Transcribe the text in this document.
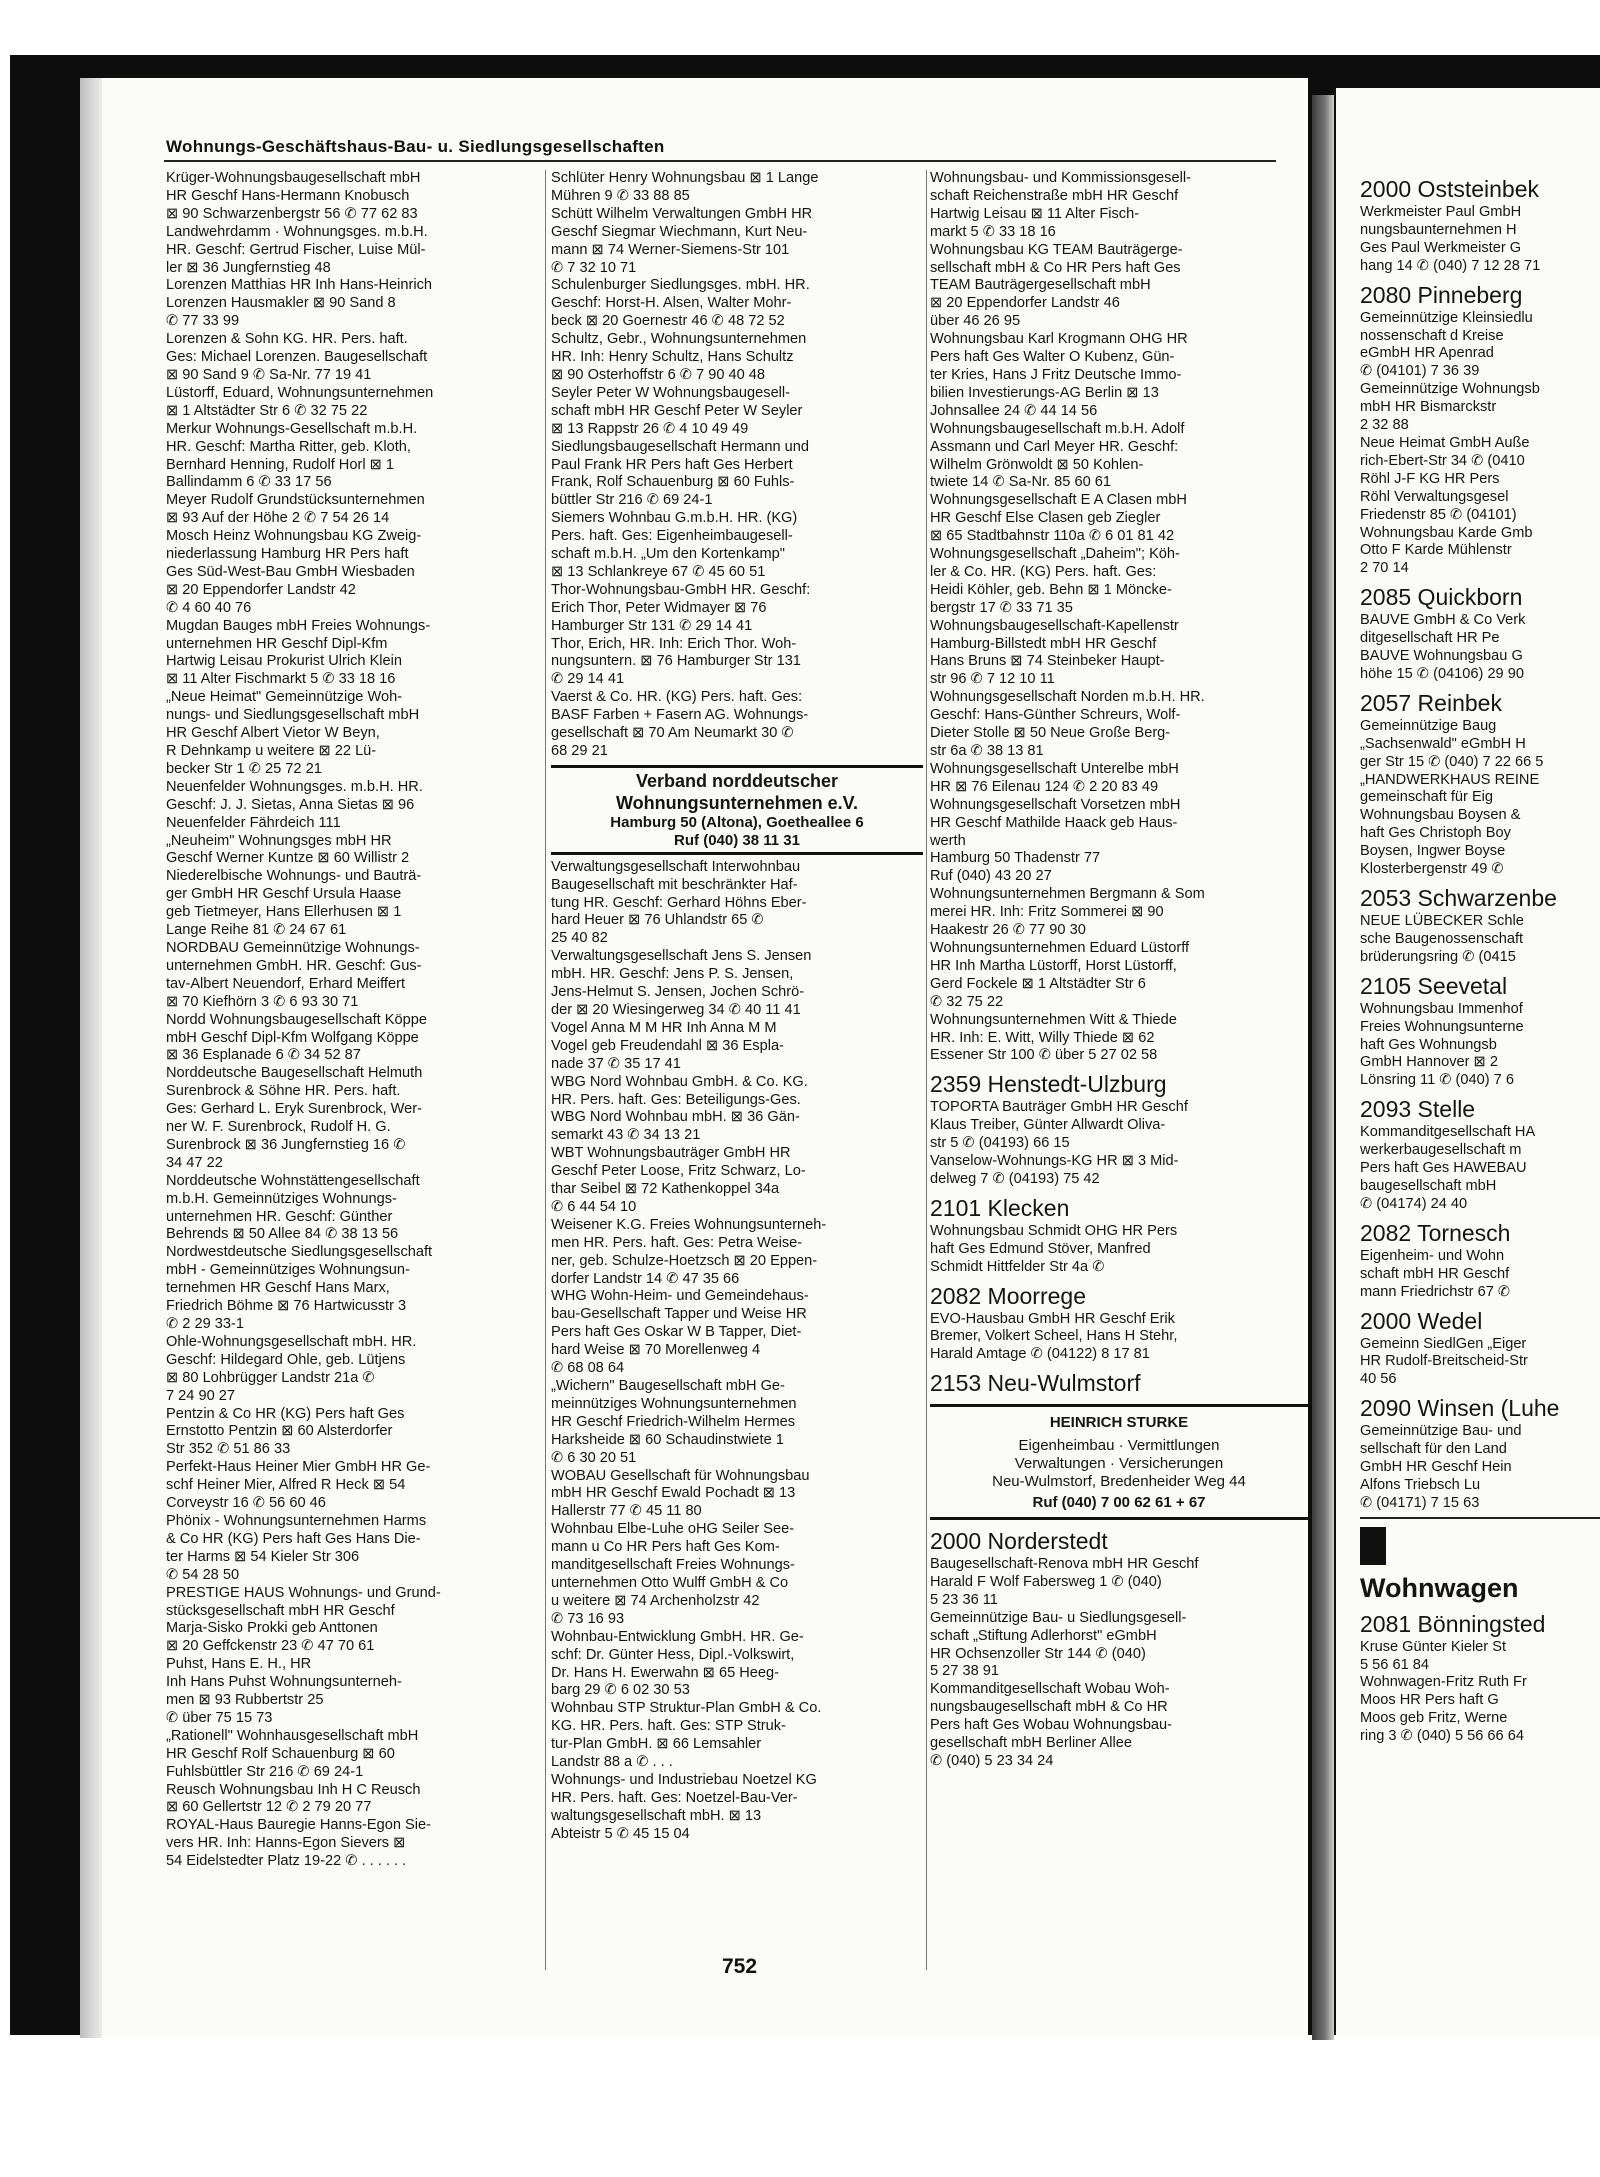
Wohnungs-Geschäftshaus-Bau- u. Siedlungsgesellschaften
Krüger-Wohnungsbaugesellschaft mbH
HR Geschf Hans-Hermann Knobusch
⊠ 90 Schwarzenbergstr 56 ✆ 77 62 83
Landwehrdamm · Wohnungsges. m.b.H.
HR. Geschf: Gertrud Fischer, Luise Mül-
ler ⊠ 36 Jungfernstieg 48
Lorenzen Matthias HR Inh Hans-Heinrich
Lorenzen Hausmakler ⊠ 90 Sand 8
✆ 77 33 99
Lorenzen & Sohn KG. HR. Pers. haft.
Ges: Michael Lorenzen. Baugesellschaft
⊠ 90 Sand 9 ✆ Sa-Nr. 77 19 41
Lüstorff, Eduard, Wohnungsunternehmen
⊠ 1 Altstädter Str 6 ✆ 32 75 22
Merkur Wohnungs-Gesellschaft m.b.H.
HR. Geschf: Martha Ritter, geb. Kloth,
Bernhard Henning, Rudolf Horl ⊠ 1
Ballindamm 6 ✆ 33 17 56
Meyer Rudolf Grundstücksunternehmen
⊠ 93 Auf der Höhe 2 ✆ 7 54 26 14
Mosch Heinz Wohnungsbau KG Zweig-
niederlassung Hamburg HR Pers haft
Ges Süd-West-Bau GmbH Wiesbaden
⊠ 20 Eppendorfer Landstr 42
✆ 4 60 40 76
Mugdan Bauges mbH Freies Wohnungs-
unternehmen HR Geschf Dipl-Kfm
Hartwig Leisau Prokurist Ulrich Klein
⊠ 11 Alter Fischmarkt 5 ✆ 33 18 16
„Neue Heimat" Gemeinnützige Woh-
nungs- und Siedlungsgesellschaft mbH
HR Geschf Albert Vietor W Beyn,
R Dehnkamp u weitere ⊠ 22 Lü-
becker Str 1 ✆ 25 72 21
Neuenfelder Wohnungsges. m.b.H. HR.
Geschf: J. J. Sietas, Anna Sietas ⊠ 96
Neuenfelder Fährdeich 111
„Neuheim" Wohnungsges mbH HR
Geschf Werner Kuntze ⊠ 60 Willistr 2
Niederelbische Wohnungs- und Bauträ-
ger GmbH HR Geschf Ursula Haase
geb Tietmeyer, Hans Ellerhusen ⊠ 1
Lange Reihe 81 ✆ 24 67 61
NORDBAU Gemeinnützige Wohnungs-
unternehmen GmbH. HR. Geschf: Gus-
tav-Albert Neuendorf, Erhard Meiffert
⊠ 70 Kiefhörn 3 ✆ 6 93 30 71
Nordd Wohnungsbaugesellschaft Köppe
mbH Geschf Dipl-Kfm Wolfgang Köppe
⊠ 36 Esplanade 6 ✆ 34 52 87
Norddeutsche Baugesellschaft Helmuth
Surenbrock & Söhne HR. Pers. haft.
Ges: Gerhard L. Eryk Surenbrock, Wer-
ner W. F. Surenbrock, Rudolf H. G.
Surenbrock ⊠ 36 Jungfernstieg 16 ✆
34 47 22
Norddeutsche Wohnstättengesellschaft
m.b.H. Gemeinnütziges Wohnungs-
unternehmen HR. Geschf: Günther
Behrends ⊠ 50 Allee 84 ✆ 38 13 56
Nordwestdeutsche Siedlungsgesellschaft
mbH - Gemeinnütziges Wohnungsun-
ternehmen HR Geschf Hans Marx,
Friedrich Böhme ⊠ 76 Hartwicusstr 3
✆ 2 29 33-1
Ohle-Wohnungsgesellschaft mbH. HR.
Geschf: Hildegard Ohle, geb. Lütjens
⊠ 80 Lohbrügger Landstr 21a ✆
7 24 90 27
Pentzin & Co HR (KG) Pers haft Ges
Ernstotto Pentzin ⊠ 60 Alsterdorfer
Str 352 ✆ 51 86 33
Perfekt-Haus Heiner Mier GmbH HR Ge-
schf Heiner Mier, Alfred R Heck ⊠ 54
Corveystr 16 ✆ 56 60 46
Phönix - Wohnungsunternehmen Harms
& Co HR (KG) Pers haft Ges Hans Die-
ter Harms ⊠ 54 Kieler Str 306
✆ 54 28 50
PRESTIGE HAUS Wohnungs- und Grund-
stücksgesellschaft mbH HR Geschf
Marja-Sisko Prokki geb Anttonen
⊠ 20 Geffckenstr 23 ✆ 47 70 61
Puhst, Hans E. H., HR
Inh Hans Puhst Wohnungsunterneh-
men ⊠ 93 Rubbertstr 25
✆ über 75 15 73
„Rationell" Wohnhausgesellschaft mbH
HR Geschf Rolf Schauenburg ⊠ 60
Fuhlsbüttler Str 216 ✆ 69 24-1
Reusch Wohnungsbau Inh H C Reusch
⊠ 60 Gellertstr 12 ✆ 2 79 20 77
ROYAL-Haus Bauregie Hanns-Egon Sie-
vers HR. Inh: Hanns-Egon Sievers ⊠
54 Eidelstedter Platz 19-22 ✆ . . . . . .
Schlüter Henry Wohnungsbau ⊠ 1 Lange
Mühren 9 ✆ 33 88 85
Schütt Wilhelm Verwaltungen GmbH HR
Geschf Siegmar Wiechmann, Kurt Neu-
mann ⊠ 74 Werner-Siemens-Str 101
✆ 7 32 10 71
Schulenburger Siedlungsges. mbH. HR.
Geschf: Horst-H. Alsen, Walter Mohr-
beck ⊠ 20 Goernestr 46 ✆ 48 72 52
Schultz, Gebr., Wohnungsunternehmen
HR. Inh: Henry Schultz, Hans Schultz
⊠ 90 Osterhoffstr 6 ✆ 7 90 40 48
Seyler Peter W Wohnungsbaugesell-
schaft mbH HR Geschf Peter W Seyler
⊠ 13 Rappstr 26 ✆ 4 10 49 49
Siedlungsbaugesellschaft Hermann und
Paul Frank HR Pers haft Ges Herbert
Frank, Rolf Schauenburg ⊠ 60 Fuhls-
büttler Str 216 ✆ 69 24-1
Siemers Wohnbau G.m.b.H. HR. (KG)
Pers. haft. Ges: Eigenheimbaugesell-
schaft m.b.H. „Um den Kortenkamp"
⊠ 13 Schlankreye 67 ✆ 45 60 51
Thor-Wohnungsbau-GmbH HR. Geschf:
Erich Thor, Peter Widmayer ⊠ 76
Hamburger Str 131 ✆ 29 14 41
Thor, Erich, HR. Inh: Erich Thor. Woh-
nungsuntern. ⊠ 76 Hamburger Str 131
✆ 29 14 41
Vaerst & Co. HR. (KG) Pers. haft. Ges:
BASF Farben + Fasern AG. Wohnungs-
gesellschaft ⊠ 70 Am Neumarkt 30 ✆
68 29 21
Verband norddeutscher
Wohnungsunternehmen e.V.
Hamburg 50 (Altona), Goetheallee 6
Ruf (040) 38 11 31
Verwaltungsgesellschaft Interwohnbau
Baugesellschaft mit beschränkter Haf-
tung HR. Geschf: Gerhard Höhns Eber-
hard Heuer ⊠ 76 Uhlandstr 65 ✆
25 40 82
Verwaltungsgesellschaft Jens S. Jensen
mbH. HR. Geschf: Jens P. S. Jensen,
Jens-Helmut S. Jensen, Jochen Schrö-
der ⊠ 20 Wiesingerweg 34 ✆ 40 11 41
Vogel Anna M M HR Inh Anna M M
Vogel geb Freudendahl ⊠ 36 Espla-
nade 37 ✆ 35 17 41
WBG Nord Wohnbau GmbH. & Co. KG.
HR. Pers. haft. Ges: Beteiligungs-Ges.
WBG Nord Wohnbau mbH. ⊠ 36 Gän-
semarkt 43 ✆ 34 13 21
WBT Wohnungsbauträger GmbH HR
Geschf Peter Loose, Fritz Schwarz, Lo-
thar Seibel ⊠ 72 Kathenkoppel 34a
✆ 6 44 54 10
Weisener K.G. Freies Wohnungsunterneh-
men HR. Pers. haft. Ges: Petra Weise-
ner, geb. Schulze-Hoetzsch ⊠ 20 Eppen-
dorfer Landstr 14 ✆ 47 35 66
WHG Wohn-Heim- und Gemeindehaus-
bau-Gesellschaft Tapper und Weise HR
Pers haft Ges Oskar W B Tapper, Diet-
hard Weise ⊠ 70 Morellenweg 4
✆ 68 08 64
„Wichern" Baugesellschaft mbH Ge-
meinnütziges Wohnungsunternehmen
HR Geschf Friedrich-Wilhelm Hermes
Harksheide ⊠ 60 Schaudinstwiete 1
✆ 6 30 20 51
WOBAU Gesellschaft für Wohnungsbau
mbH HR Geschf Ewald Pochadt ⊠ 13
Hallerstr 77 ✆ 45 11 80
Wohnbau Elbe-Luhe oHG Seiler See-
mann u Co HR Pers haft Ges Kom-
manditgesellschaft Freies Wohnungs-
unternehmen Otto Wulff GmbH & Co
u weitere ⊠ 74 Archenholzstr 42
✆ 73 16 93
Wohnbau-Entwicklung GmbH. HR. Ge-
schf: Dr. Günter Hess, Dipl.-Volkswirt,
Dr. Hans H. Ewerwahn ⊠ 65 Heeg-
barg 29 ✆ 6 02 30 53
Wohnbau STP Struktur-Plan GmbH & Co.
KG. HR. Pers. haft. Ges: STP Struk-
tur-Plan GmbH. ⊠ 66 Lemsahler
Landstr 88 a ✆ . . .
Wohnungs- und Industriebau Noetzel KG
HR. Pers. haft. Ges: Noetzel-Bau-Ver-
waltungsgesellschaft mbH. ⊠ 13
Abteistr 5 ✆ 45 15 04
Wohnungsbau- und Kommissionsgesell-
schaft Reichenstraße mbH HR Geschf
Hartwig Leisau ⊠ 11 Alter Fisch-
markt 5 ✆ 33 18 16
Wohnungsbau KG TEAM Bauträgerge-
sellschaft mbH & Co HR Pers haft Ges
TEAM Bauträgergesellschaft mbH
⊠ 20 Eppendorfer Landstr 46
über 46 26 95
Wohnungsbau Karl Krogmann OHG HR
Pers haft Ges Walter O Kubenz, Gün-
ter Kries, Hans J Fritz Deutsche Immo-
bilien Investierungs-AG Berlin ⊠ 13
Johnsallee 24 ✆ 44 14 56
Wohnungsbaugesellschaft m.b.H. Adolf
Assmann und Carl Meyer HR. Geschf:
Wilhelm Grönwoldt ⊠ 50 Kohlen-
twiete 14 ✆ Sa-Nr. 85 60 61
Wohnungsgesellschaft E A Clasen mbH
HR Geschf Else Clasen geb Ziegler
⊠ 65 Stadtbahnstr 110a ✆ 6 01 81 42
Wohnungsgesellschaft „Daheim"; Köh-
ler & Co. HR. (KG) Pers. haft. Ges:
Heidi Köhler, geb. Behn ⊠ 1 Möncke-
bergstr 17 ✆ 33 71 35
Wohnungsbaugesellschaft-Kapellenstr
Hamburg-Billstedt mbH HR Geschf
Hans Bruns ⊠ 74 Steinbeker Haupt-
str 96 ✆ 7 12 10 11
Wohnungsgesellschaft Norden m.b.H. HR.
Geschf: Hans-Günther Schreurs, Wolf-
Dieter Stolle ⊠ 50 Neue Große Berg-
str 6a ✆ 38 13 81
Wohnungsgesellschaft Unterelbe mbH
HR ⊠ 76 Eilenau 124 ✆ 2 20 83 49
Wohnungsgesellschaft Vorsetzen mbH
HR Geschf Mathilde Haack geb Haus-
werth
Hamburg 50 Thadenstr 77
Ruf (040) 43 20 27
Wohnungsunternehmen Bergmann & Som
merei HR. Inh: Fritz Sommerei ⊠ 90
Haakestr 26 ✆ 77 90 30
Wohnungsunternehmen Eduard Lüstorff
HR Inh Martha Lüstorff, Horst Lüstorff,
Gerd Fockele ⊠ 1 Altstädter Str 6
✆ 32 75 22
Wohnungsunternehmen Witt & Thiede
HR. Inh: E. Witt, Willy Thiede ⊠ 62
Essener Str 100 ✆ über 5 27 02 58
2359 Henstedt-Ulzburg
TOPORTA Bauträger GmbH HR Geschf
Klaus Treiber, Günter Allwardt Oliva-
str 5 ✆ (04193) 66 15
Vanselow-Wohnungs-KG HR ⊠ 3 Mid-
delweg 7 ✆ (04193) 75 42
2101 Klecken
Wohnungsbau Schmidt OHG HR Pers
haft Ges Edmund Stöver, Manfred
Schmidt Hittfelder Str 4a ✆
2082 Moorrege
EVO-Hausbau GmbH HR Geschf Erik
Bremer, Volkert Scheel, Hans H Stehr,
Harald Amtage ✆ (04122) 8 17 81
2153 Neu-Wulmstorf
HEINRICH STURKE
Eigenheimbau · Vermittlungen
Verwaltungen · Versicherungen
Neu-Wulmstorf, Bredenheider Weg 44
Ruf (040) 7 00 62 61 + 67
2000 Norderstedt
Baugesellschaft-Renova mbH HR Geschf
Harald F Wolf Fabersweg 1 ✆ (040)
5 23 36 11
Gemeinnützige Bau- u Siedlungsgesell-
schaft „Stiftung Adlerhorst" eGmbH
HR Ochsenzoller Str 144 ✆ (040)
5 27 38 91
Kommanditgesellschaft Wobau Woh-
nungsbaugesellschaft mbH & Co HR
Pers haft Ges Wobau Wohnungsbau-
gesellschaft mbH Berliner Allee
✆ (040) 5 23 34 24
2000 Oststeinbek
Werkmeister Paul GmbH
nungsbaunternehmen H
Ges Paul Werkmeister G
hang 14 ✆ (040) 7 12 28 71
2080 Pinneberg
Gemeinnützige Kleinsiedlu
nossenschaft d Kreise
eGmbH HR Apenrad
✆ (04101) 7 36 39
Gemeinnützige Wohnungsb
mbH HR Bismarckstr
2 32 88
Neue Heimat GmbH Auße
rich-Ebert-Str 34 ✆ (0410
Röhl J-F KG HR Pers
Röhl Verwaltungsgesel
Friedenstr 85 ✆ (04101)
Wohnungsbau Karde Gmb
Otto F Karde Mühlenstr
2 70 14
2085 Quickborn
BAUVE GmbH & Co Verk
ditgesellschaft HR Pe
BAUVE Wohnungsbau G
höhe 15 ✆ (04106) 29 90
2057 Reinbek
Gemeinnützige Baug
„Sachsenwald" eGmbH H
ger Str 15 ✆ (040) 7 22 66 5
„HANDWERKHAUS REINE
gemeinschaft für Eig
Wohnungsbau Boysen &
haft Ges Christoph Boy
Boysen, Ingwer Boyse
Klosterbergenstr 49 ✆
2053 Schwarzenbe
NEUE LÜBECKER Schle
sche Baugenossenschaft
brüderungsring ✆ (0415
2105 Seevetal
Wohnungsbau Immenhof
Freies Wohnungsunterne
haft Ges Wohnungsb
GmbH Hannover ⊠ 2
Lönsring 11 ✆ (040) 7 6
2093 Stelle
Kommanditgesellschaft HA
werkerbaugesellschaft m
Pers haft Ges HAWEBAU
baugesellschaft mbH
✆ (04174) 24 40
2082 Tornesch
Eigenheim- und Wohn
schaft mbH HR Geschf
mann Friedrichstr 67 ✆
2000 Wedel
Gemeinn SiedlGen „Eiger
HR Rudolf-Breitscheid-Str
40 56
2090 Winsen (Luhe
Gemeinnützige Bau- und
sellschaft für den Land
GmbH HR Geschf Hein
Alfons Triebsch Lu
✆ (04171) 7 15 63
Wohnwagen
2081 Bönningsted
Kruse Günter Kieler St
5 56 61 84
Wohnwagen-Fritz Ruth Fr
Moos HR Pers haft G
Moos geb Fritz, Werne
ring 3 ✆ (040) 5 56 66 64
752
